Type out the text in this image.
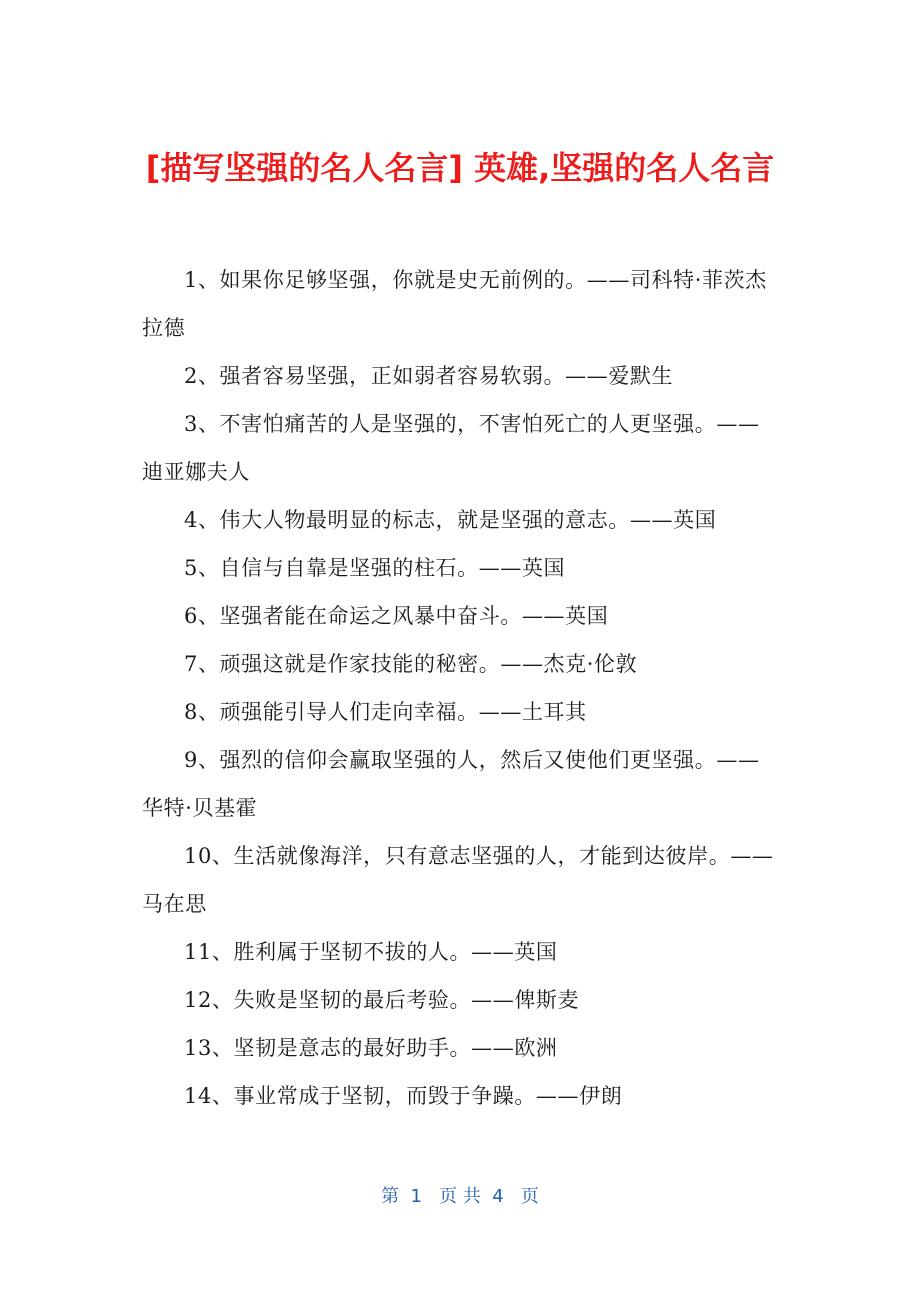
[描写坚强的名人名言] 英雄,坚强的名人名言

1、如果你足够坚强，你就是史无前例的。——司科特·菲茨杰拉德

2、强者容易坚强，正如弱者容易软弱。——爱默生

3、不害怕痛苦的人是坚强的，不害怕死亡的人更坚强。——迪亚娜夫人

4、伟大人物最明显的标志，就是坚强的意志。——英国

5、自信与自靠是坚强的柱石。——英国

6、坚强者能在命运之风暴中奋斗。——英国

7、顽强这就是作家技能的秘密。——杰克·伦敦

8、顽强能引导人们走向幸福。——土耳其

9、强烈的信仰会赢取坚强的人，然后又使他们更坚强。——华特·贝基霍

10、生活就像海洋，只有意志坚强的人，才能到达彼岸。——马在思

11、胜利属于坚韧不拔的人。——英国

12、失败是坚韧的最后考验。——俾斯麦

13、坚韧是意志的最好助手。——欧洲

14、事业常成于坚韧，而毁于争躁。——伊朗

第  1   页 共  4   页
